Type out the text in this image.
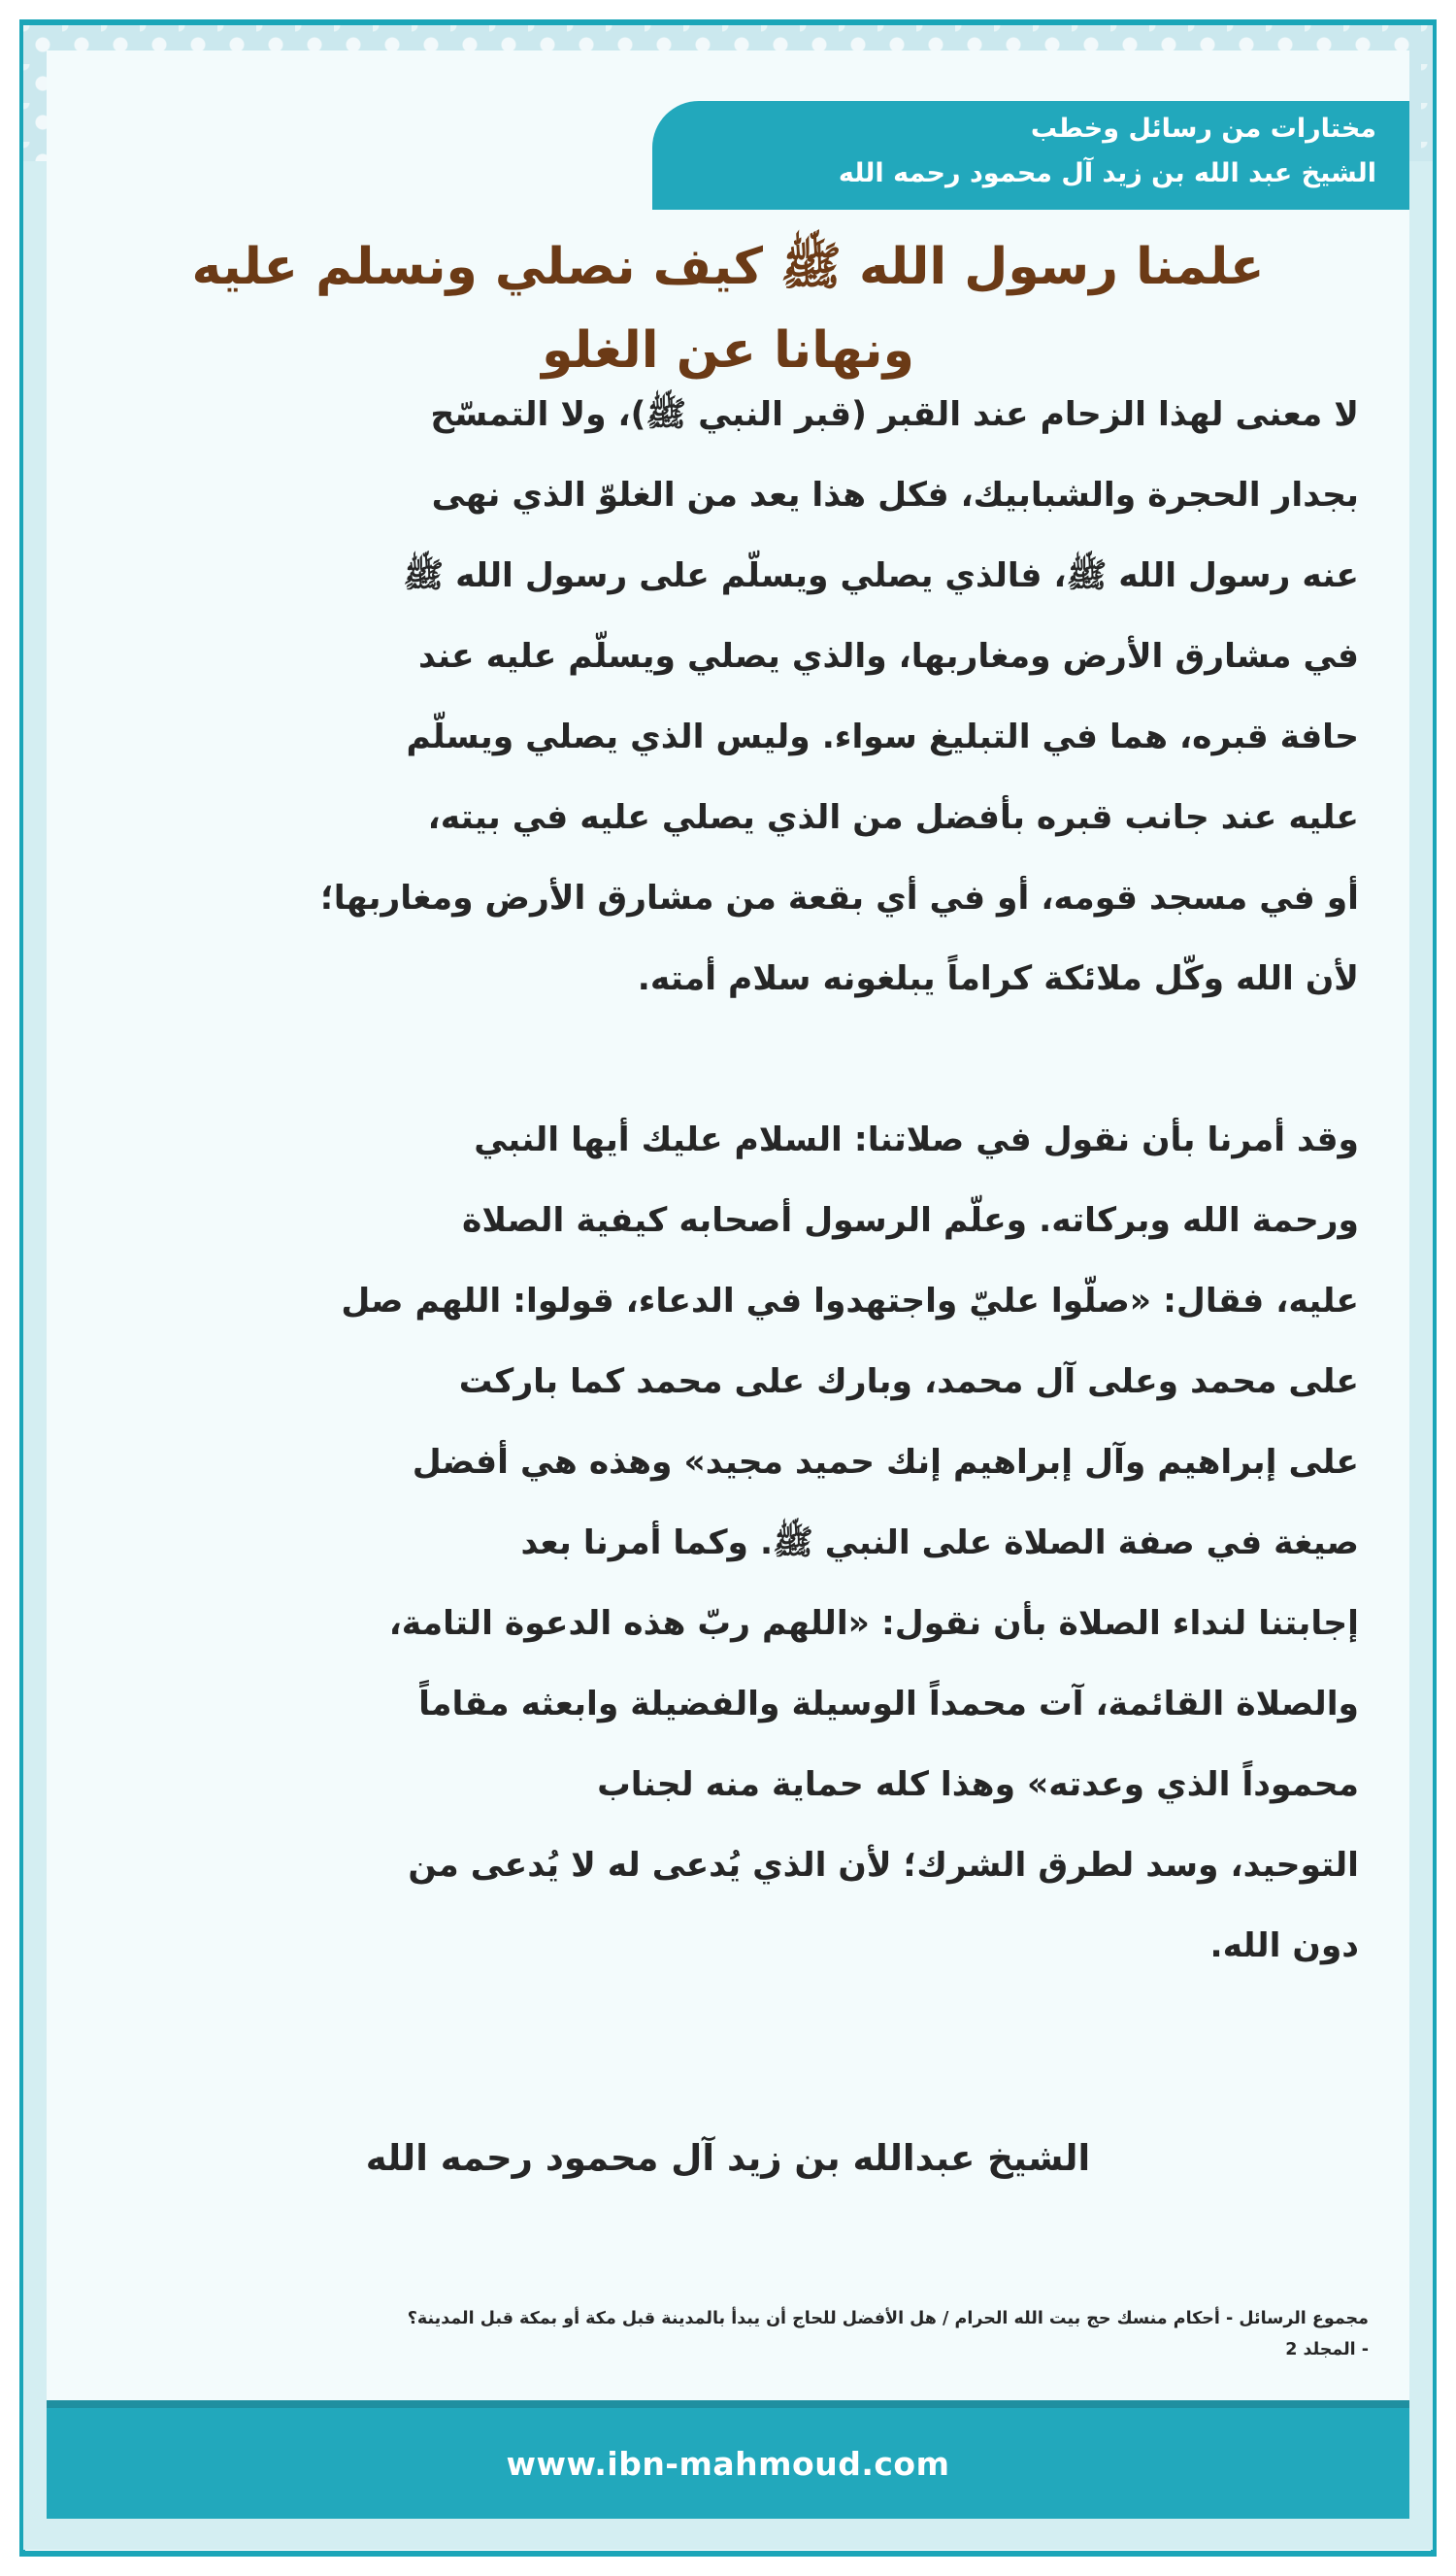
مختارات من رسائل وخطب
الشيخ عبد الله بن زيد آل محمود رحمه الله
علمنا رسول الله ﷺ كيف نصلي ونسلم عليه
ونهانا عن الغلو
لا معنى لهذا الزحام عند القبر (قبر النبي ﷺ)، ولا التمسّح
بجدار الحجرة والشبابيك، فكل هذا يعد من الغلوّ الذي نهى
عنه رسول الله ﷺ، فالذي يصلي ويسلّم على رسول الله ﷺ
في مشارق الأرض ومغاربها، والذي يصلي ويسلّم عليه عند
حافة قبره، هما في التبليغ سواء. وليس الذي يصلي ويسلّم
عليه عند جانب قبره بأفضل من الذي يصلي عليه في بيته،
أو في مسجد قومه، أو في أي بقعة من مشارق الأرض ومغاربها؛
لأن الله وكّل ملائكة كراماً يبلغونه سلام أمته.
وقد أمرنا بأن نقول في صلاتنا: السلام عليك أيها النبي
ورحمة الله وبركاته. وعلّم الرسول أصحابه كيفية الصلاة
عليه، فقال: «صلّوا عليّ واجتهدوا في الدعاء، قولوا: اللهم صل
على محمد وعلى آل محمد، وبارك على محمد كما باركت
على إبراهيم وآل إبراهيم إنك حميد مجيد» وهذه هي أفضل
صيغة في صفة الصلاة على النبي ﷺ. وكما أمرنا بعد
إجابتنا لنداء الصلاة بأن نقول: «اللهم ربّ هذه الدعوة التامة،
والصلاة القائمة، آت محمداً الوسيلة والفضيلة وابعثه مقاماً
محموداً الذي وعدته» وهذا كله حماية منه لجناب
التوحيد، وسد لطرق الشرك؛ لأن الذي يُدعى له لا يُدعى من
دون الله.
الشيخ عبدالله بن زيد آل محمود رحمه الله
مجموع الرسائل - أحكام منسك حج بيت الله الحرام / هل الأفضل للحاج أن يبدأ بالمدينة قبل مكة أو بمكة قبل المدينة؟
- المجلد 2
www.ibn-mahmoud.com
